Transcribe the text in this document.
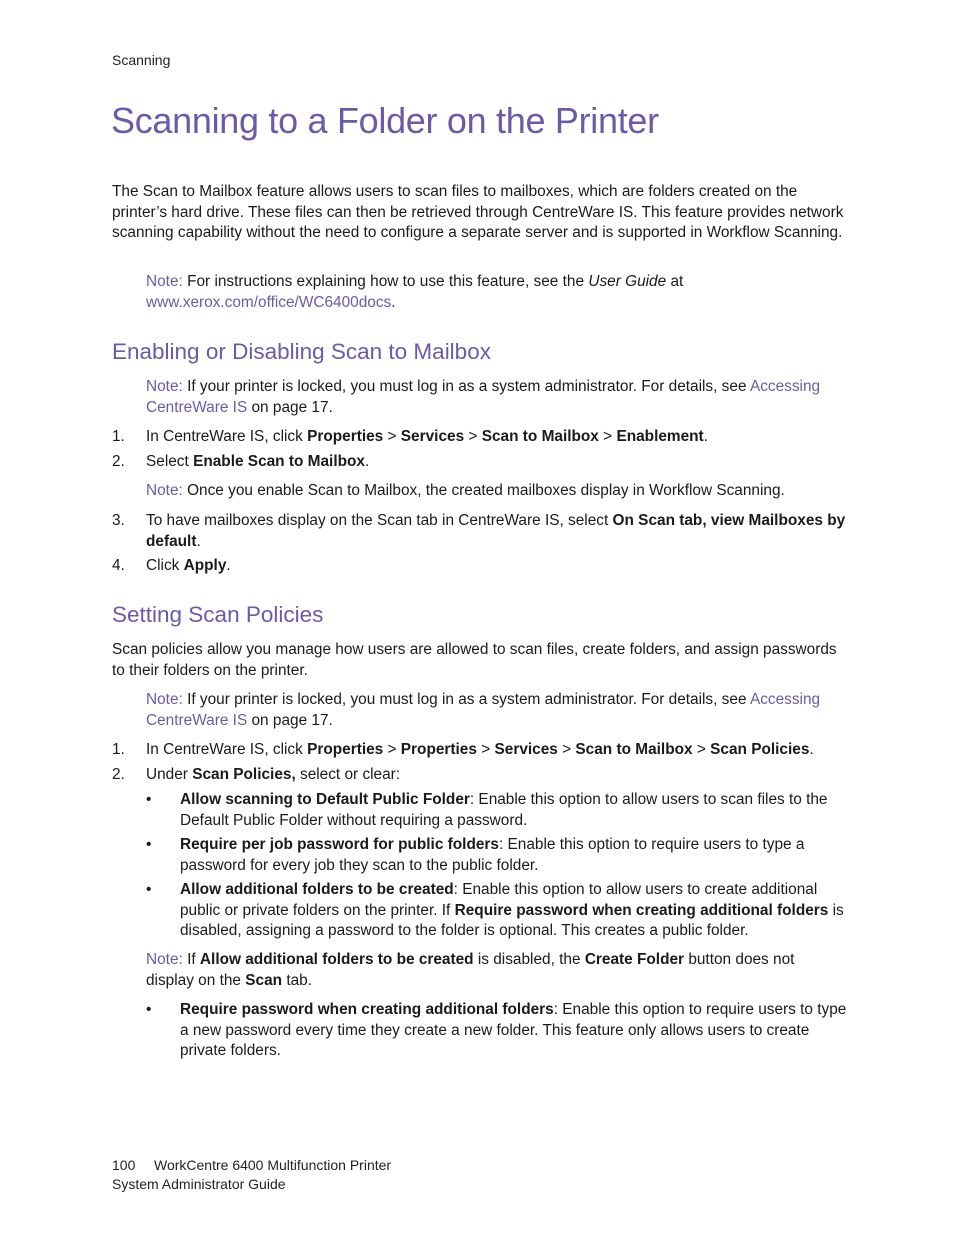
Scanning
Scanning to a Folder on the Printer

The Scan to Mailbox feature allows users to scan files to mailboxes, which are folders created on the printer’s hard drive. These files can then be retrieved through CentreWare IS. This feature provides network scanning capability without the need to configure a separate server and is supported in Workflow Scanning.

Note: For instructions explaining how to use this feature, see the User Guide at
www.xerox.com/office/WC6400docs.

Enabling or Disabling Scan to Mailbox

Note: If your printer is locked, you must log in as a system administrator. For details, see Accessing CentreWare IS on page 17.

1. In CentreWare IS, click Properties > Services > Scan to Mailbox > Enablement.

2. Select Enable Scan to Mailbox.

Note: Once you enable Scan to Mailbox, the created mailboxes display in Workflow Scanning.

3. To have mailboxes display on the Scan tab in CentreWare IS, select On Scan tab, view Mailboxes by default.

4. Click Apply.

Setting Scan Policies

Scan policies allow you manage how users are allowed to scan files, create folders, and assign passwords to their folders on the printer.

Note: If your printer is locked, you must log in as a system administrator. For details, see Accessing CentreWare IS on page 17.

1. In CentreWare IS, click Properties > Properties > Services > Scan to Mailbox > Scan Policies.

2. Under Scan Policies, select or clear:

• Allow scanning to Default Public Folder: Enable this option to allow users to scan files to the Default Public Folder without requiring a password.

• Require per job password for public folders: Enable this option to require users to type a password for every job they scan to the public folder.

• Allow additional folders to be created: Enable this option to allow users to create additional public or private folders on the printer. If Require password when creating additional folders is disabled, assigning a password to the folder is optional. This creates a public folder.

Note: If Allow additional folders to be created is disabled, the Create Folder button does not display on the Scan tab.

• Require password when creating additional folders: Enable this option to require users to type a new password every time they create a new folder. This feature only allows users to create private folders.

100 WorkCentre 6400 Multifunction Printer
System Administrator Guide
